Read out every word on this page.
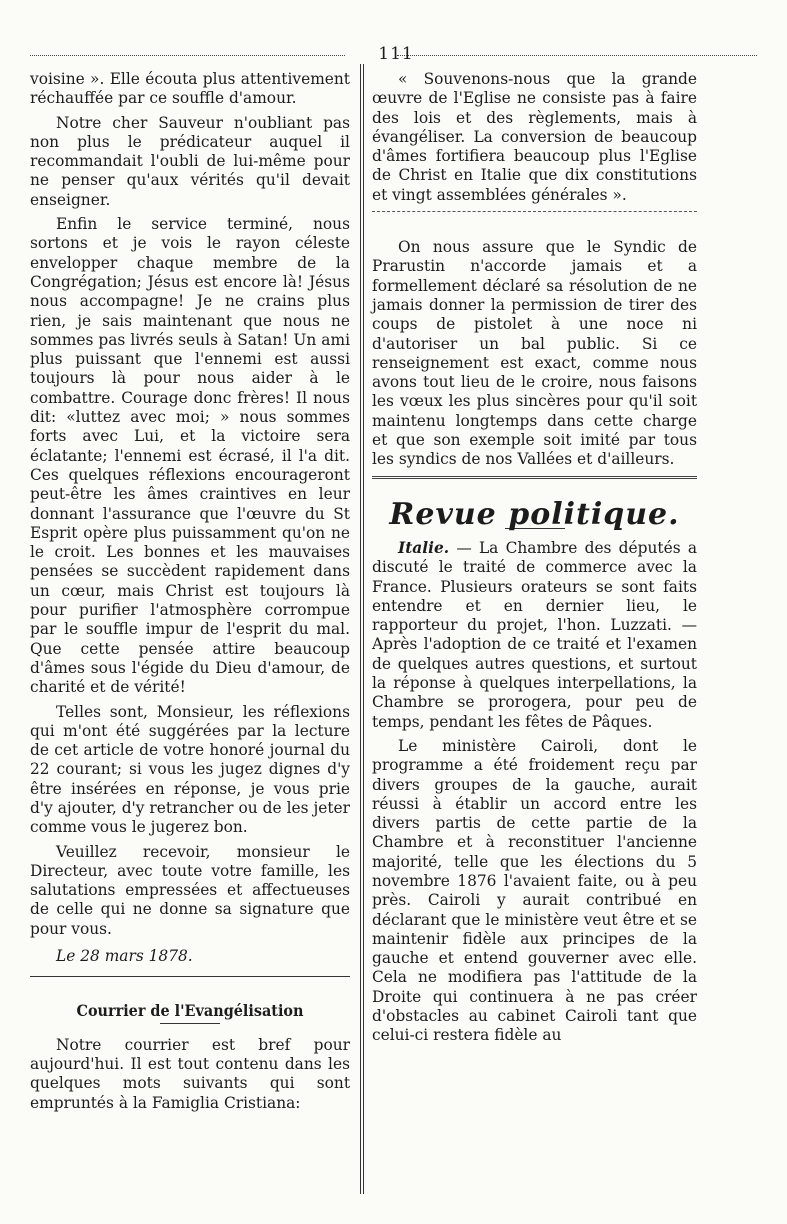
111

voisine ». Elle écouta plus attentivement réchauffée par ce souffle d'amour.

Notre cher Sauveur n'oubliant pas non plus le prédicateur auquel il recommandait l'oubli de lui-même pour ne penser qu'aux vérités qu'il devait enseigner.

Enfin le service terminé, nous sortons et je vois le rayon céleste envelopper chaque membre de la Congrégation; Jésus est encore là! Jésus nous accompagne! Je ne crains plus rien, je sais maintenant que nous ne sommes pas livrés seuls à Satan! Un ami plus puissant que l'ennemi est aussi toujours là pour nous aider à le combattre. Courage donc frères! Il nous dit: «luttez avec moi; » nous sommes forts avec Lui, et la victoire sera éclatante; l'ennemi est écrasé, il l'a dit. Ces quelques réflexions encourageront peut-être les âmes craintives en leur donnant l'assurance que l'œuvre du St Esprit opère plus puissamment qu'on ne le croit. Les bonnes et les mauvaises pensées se succèdent rapidement dans un cœur, mais Christ est toujours là pour purifier l'atmosphère corrompue par le souffle impur de l'esprit du mal. Que cette pensée attire beaucoup d'âmes sous l'égide du Dieu d'amour, de charité et de vérité!

Telles sont, Monsieur, les réflexions qui m'ont été suggérées par la lecture de cet article de votre honoré journal du 22 courant; si vous les jugez dignes d'y être insérées en réponse, je vous prie d'y ajouter, d'y retrancher ou de les jeter comme vous le jugerez bon.

Veuillez recevoir, monsieur le Directeur, avec toute votre famille, les salutations empressées et affectueuses de celle qui ne donne sa signature que pour vous.

Le 28 mars 1878.

Courrier de l'Evangélisation

Notre courrier est bref pour aujourd'hui. Il est tout contenu dans les quelques mots suivants qui sont empruntés à la Famiglia Cristiana:

« Souvenons-nous que la grande œuvre de l'Eglise ne consiste pas à faire des lois et des règlements, mais à évangéliser. La conversion de beaucoup d'âmes fortifiera beaucoup plus l'Eglise de Christ en Italie que dix constitutions et vingt assemblées générales ».

On nous assure que le Syndic de Prarustin n'accorde jamais et a formellement déclaré sa résolution de ne jamais donner la permission de tirer des coups de pistolet à une noce ni d'autoriser un bal public. Si ce renseignement est exact, comme nous avons tout lieu de le croire, nous faisons les vœux les plus sincères pour qu'il soit maintenu longtemps dans cette charge et que son exemple soit imité par tous les syndics de nos Vallées et d'ailleurs.

Revue politique.

Italie. — La Chambre des députés a discuté le traité de commerce avec la France. Plusieurs orateurs se sont faits entendre et en dernier lieu, le rapporteur du projet, l'hon. Luzzati. — Après l'adoption de ce traité et l'examen de quelques autres questions, et surtout la réponse à quelques interpellations, la Chambre se prorogera, pour peu de temps, pendant les fêtes de Pâques.

Le ministère Cairoli, dont le programme a été froidement reçu par divers groupes de la gauche, aurait réussi à établir un accord entre les divers partis de cette partie de la Chambre et à reconstituer l'ancienne majorité, telle que les élections du 5 novembre 1876 l'avaient faite, ou à peu près. Cairoli y aurait contribué en déclarant que le ministère veut être et se maintenir fidèle aux principes de la gauche et entend gouverner avec elle. Cela ne modifiera pas l'attitude de la Droite qui continuera à ne pas créer d'obstacles au cabinet Cairoli tant que celui-ci restera fidèle au
